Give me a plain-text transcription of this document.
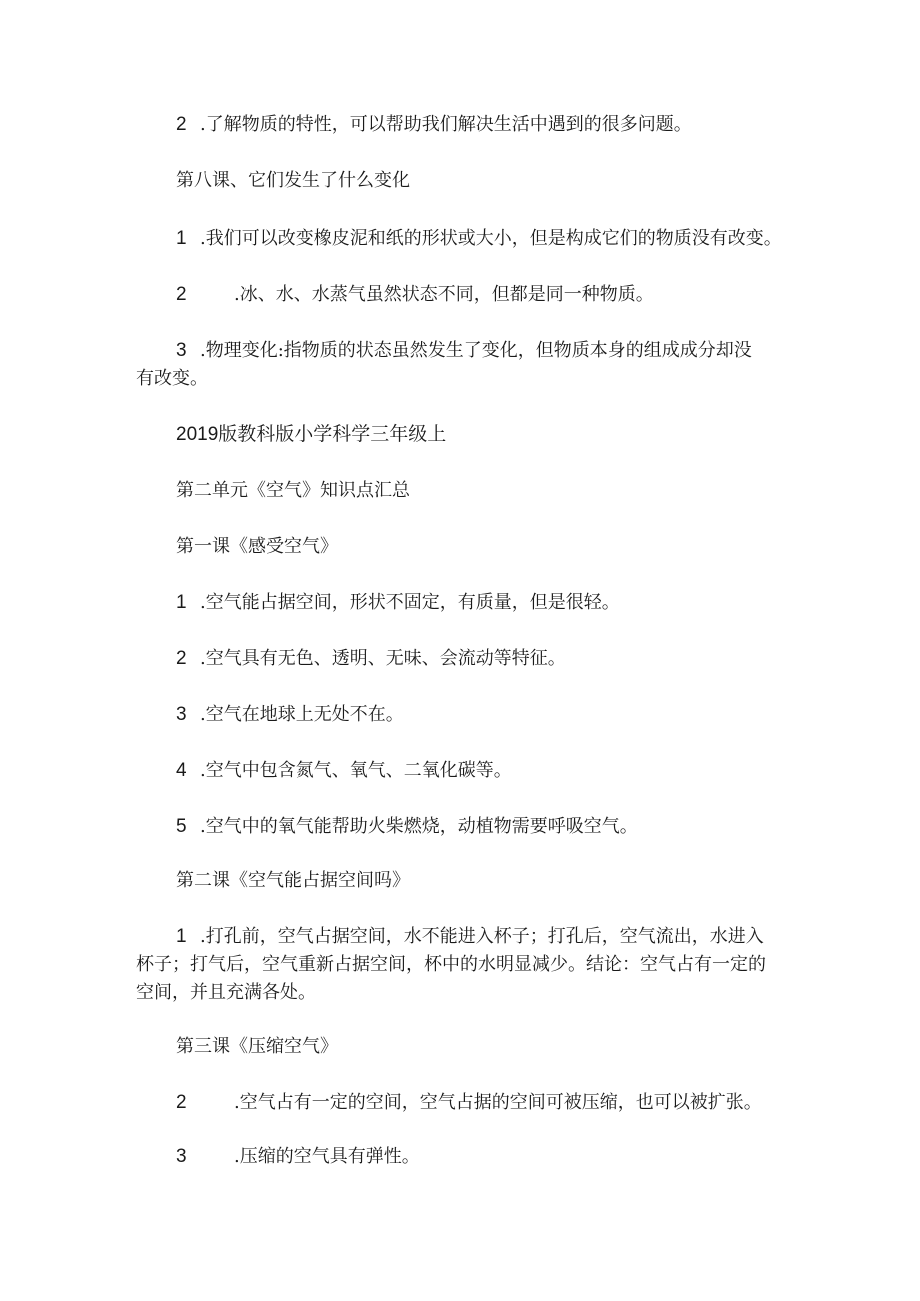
2 .了解物质的特性，可以帮助我们解决生活中遇到的很多问题。
第八课、它们发生了什么变化
1 .我们可以改变橡皮泥和纸的形状或大小，但是构成它们的物质没有改变。
2	.冰、水、水蒸气虽然状态不同，但都是同一种物质。
3 .物理变化:指物质的状态虽然发生了变化，但物质本身的组成成分却没
有改变。
2019版教科版小学科学三年级上
第二单元《空气》知识点汇总
第一课《感受空气》
1 .空气能占据空间，形状不固定，有质量，但是很轻。
2 .空气具有无色、透明、无味、会流动等特征。
3 .空气在地球上无处不在。
4 .空气中包含氮气、氧气、二氧化碳等。
5 .空气中的氧气能帮助火柴燃烧，动植物需要呼吸空气。
第二课《空气能占据空间吗》
1 .打孔前，空气占据空间，水不能进入杯子；打孔后，空气流出，水进入
杯子；打气后，空气重新占据空间，杯中的水明显减少。结论：空气占有一定的
空间，并且充满各处。
第三课《压缩空气》
2	.空气占有一定的空间，空气占据的空间可被压缩，也可以被扩张。
3	.压缩的空气具有弹性。
